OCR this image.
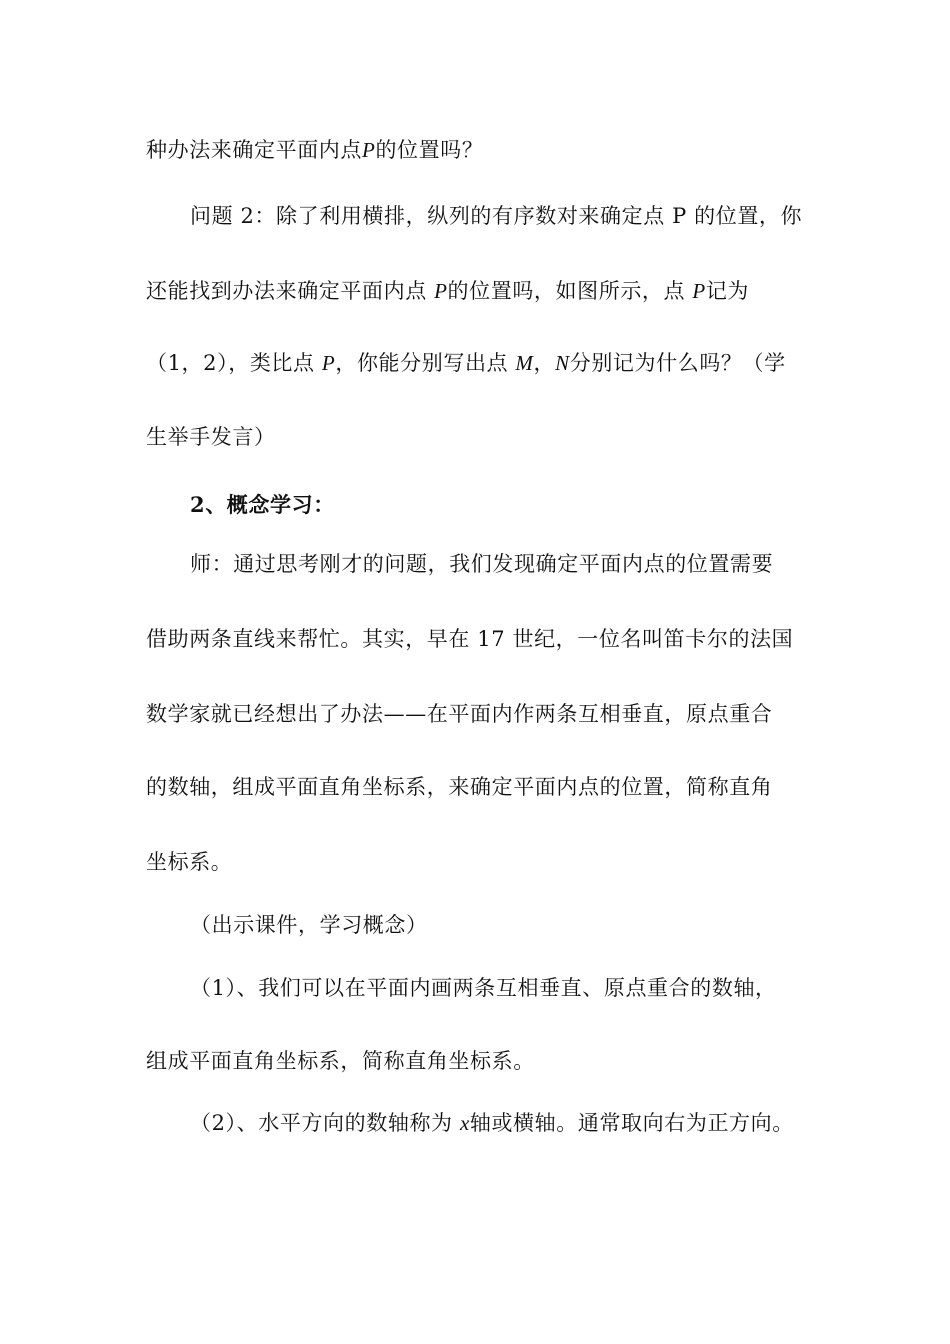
种办法来确定平面内点P的位置吗？
问题 2：除了利用横排，纵列的有序数对来确定点 P 的位置，你
还能找到办法来确定平面内点 P的位置吗，如图所示，点 P记为
（1，2），类比点 P，你能分别写出点 M，N分别记为什么吗？（学
生举手发言）
2、概念学习：
师：通过思考刚才的问题，我们发现确定平面内点的位置需要
借助两条直线来帮忙。其实，早在 17 世纪，一位名叫笛卡尔的法国
数学家就已经想出了办法——在平面内作两条互相垂直，原点重合
的数轴，组成平面直角坐标系，来确定平面内点的位置，简称直角
坐标系。
（出示课件，学习概念）
（1）、我们可以在平面内画两条互相垂直、原点重合的数轴，
组成平面直角坐标系，简称直角坐标系。
（2）、水平方向的数轴称为 x轴或横轴。通常取向右为正方向。
